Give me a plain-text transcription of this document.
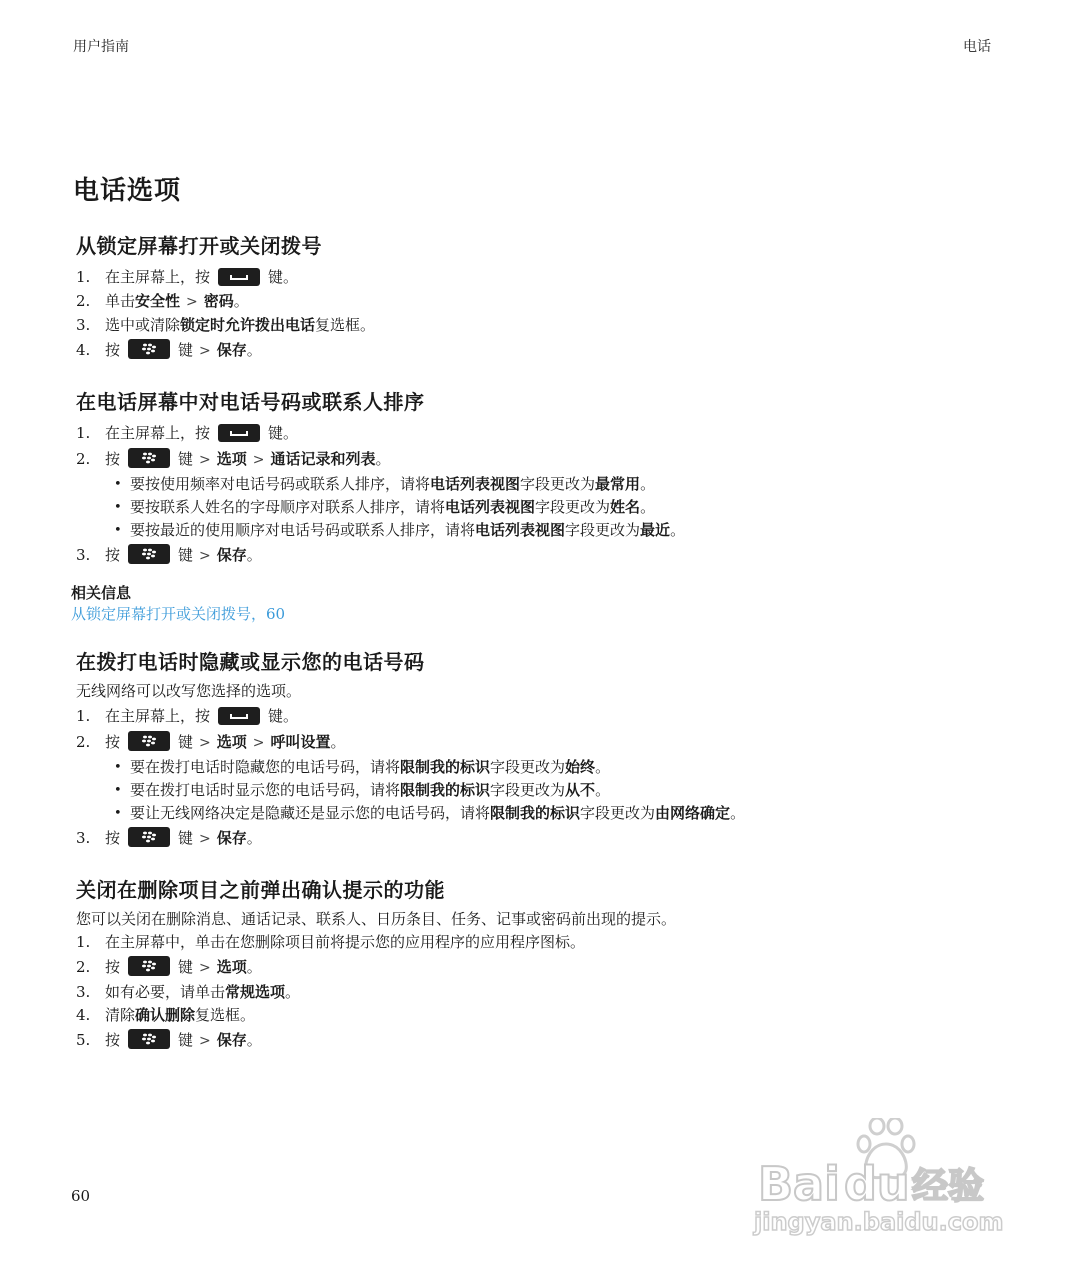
用户指南	电话
电话选项
从锁定屏幕打开或关闭拨号
1. 在主屏幕上，按	键。
2. 单击安全性 > 密码。
3. 选中或清除锁定时允许拨出电话复选框。
4. 按	键 > 保存。
在电话屏幕中对电话号码或联系人排序
1. 在主屏幕上，按	键。
2. 按	键 > 选项 > 通话记录和列表。
• 要按使用频率对电话号码或联系人排序，请将电话列表视图字段更改为最常用。
• 要按联系人姓名的字母顺序对联系人排序，请将电话列表视图字段更改为姓名。
• 要按最近的使用顺序对电话号码或联系人排序，请将电话列表视图字段更改为最近。
3. 按	键 > 保存。
相关信息
从锁定屏幕打开或关闭拨号，60
在拨打电话时隐藏或显示您的电话号码

无线网络可以改写您选择的选项。

1. 在主屏幕上，按	键。
2. 按	键 > 选项 > 呼叫设置。
• 要在拨打电话时隐藏您的电话号码，请将限制我的标识字段更改为始终。
• 要在拨打电话时显示您的电话号码，请将限制我的标识字段更改为从不。
• 要让无线网络决定是隐藏还是显示您的电话号码，请将限制我的标识字段更改为由网络确定。
3. 按	键 > 保存。
关闭在删除项目之前弹出确认提示的功能

您可以关闭在删除消息、通话记录、联系人、日历条目、任务、记事或密码前出现的提示。

1. 在主屏幕中，单击在您删除项目前将提示您的应用程序的应用程序图标。
2. 按	键 > 选项。
3. 如有必要，请单击常规选项。
4. 清除确认删除复选框。
5. 按	键 > 保存。
60	Bai du 经验
jingyan.baidu.com
